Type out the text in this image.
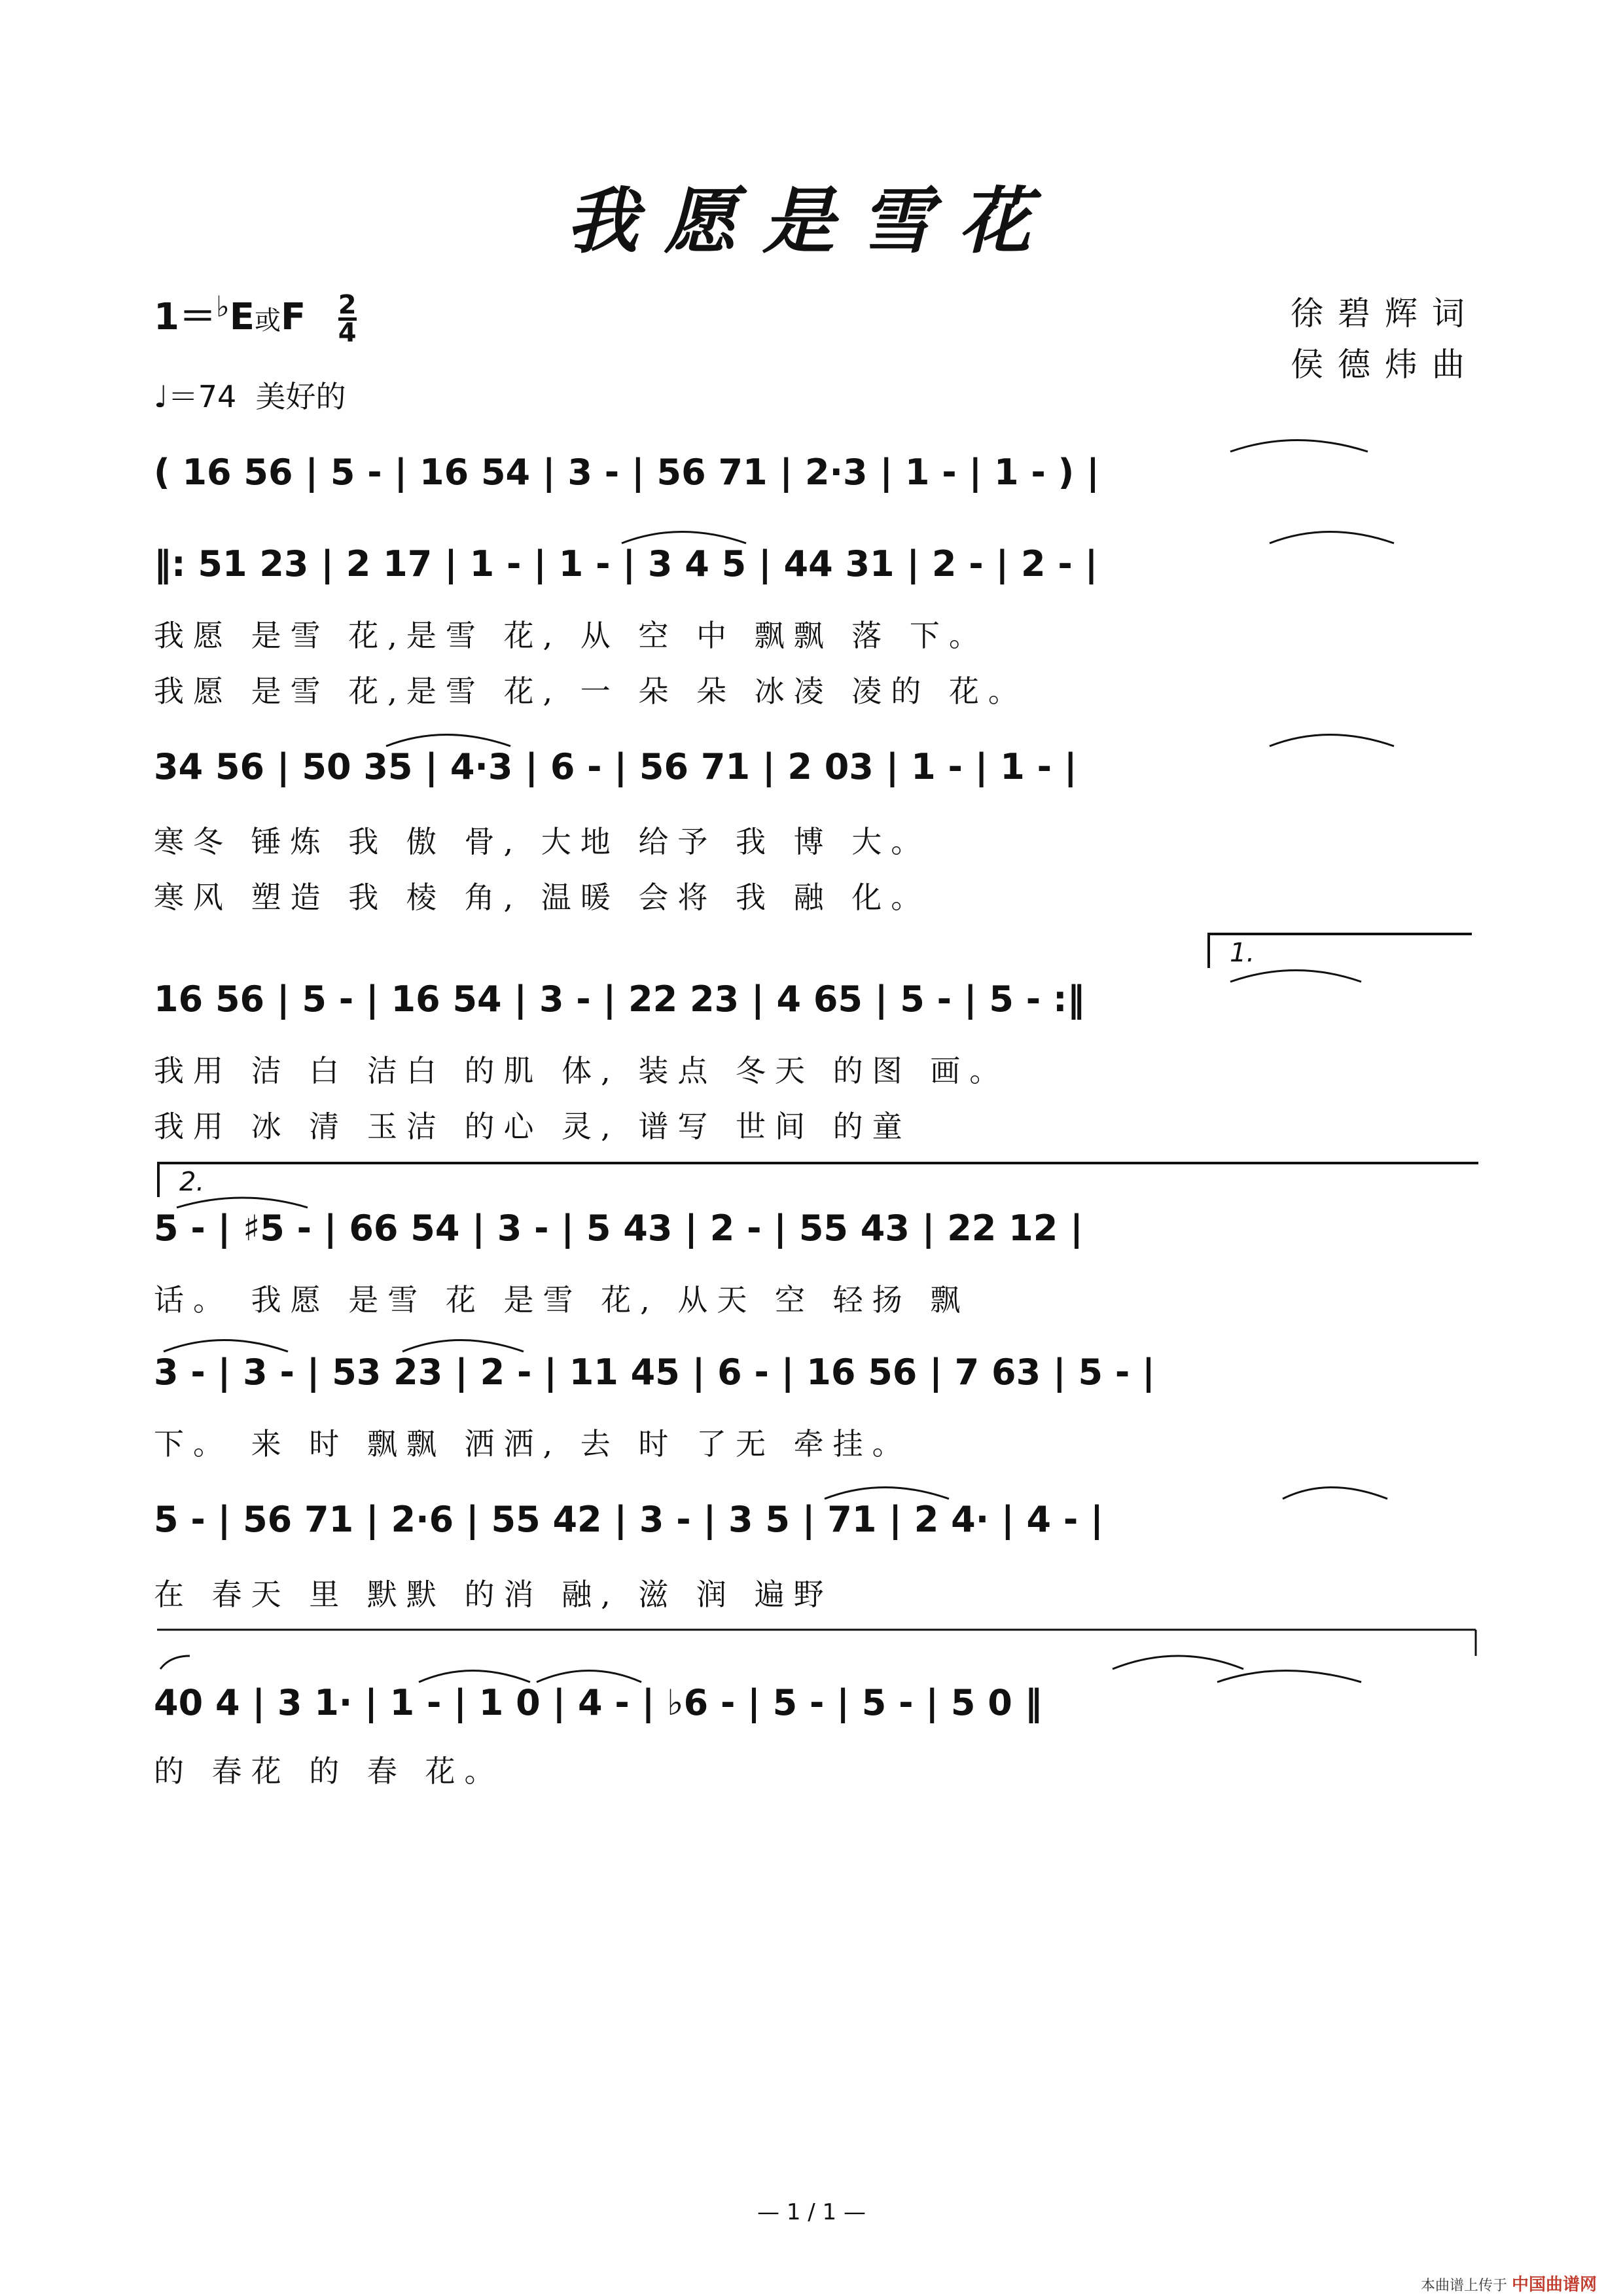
我愿是雪花
1＝♭E或F 2
4
♩＝74 美好的
徐碧辉词
侯德炜曲
( 16 56 | 5 - | 16 54 | 3 - | 56 71 | 2·3 | 1 - | 1 - ) |
‖: 51 23 | 2 17 | 1 - | 1 - | 3 4 5 | 44 31 | 2 - | 2 - |
我愿 是雪 花,是雪 花, 从 空 中 飘飘 落 下。
我愿 是雪 花,是雪 花, 一 朵 朵 冰凌 凌的 花。
34 56 | 50 35 | 4·3 | 6 - | 56 71 | 2 03 | 1 - | 1 - |
寒冬 锤炼 我 傲 骨, 大地 给予 我 博 大。
寒风 塑造 我 棱 角, 温暖 会将 我 融 化。
1.
16 56 | 5 - | 16 54 | 3 - | 22 23 | 4 65 | 5 - | 5 - :‖
我用 洁 白 洁白 的肌 体, 装点 冬天 的图 画。
我用 冰 清 玉洁 的心 灵, 谱写 世间 的童
2.
5 - | ♯5 - | 66 54 | 3 - | 5 43 | 2 - | 55 43 | 22 12 |
话。 我愿 是雪 花 是雪 花, 从天 空 轻扬 飘
3 - | 3 - | 53 23 | 2 - | 11 45 | 6 - | 16 56 | 7 63 | 5 - |
下。 来 时 飘飘 洒洒, 去 时 了无 牵挂。
5 - | 56 71 | 2·6 | 55 42 | 3 - | 3 5 | 71 | 2 4· | 4 - |
在 春天 里 默默 的消 融, 滋 润 遍野
40 4 | 3 1· | 1 - | 1 0 | 4 - | ♭6 - | 5 - | 5 - | 5 0 ‖
的 春花 的 春 花。
— 1 / 1 —
本曲谱上传于 中国曲谱网
